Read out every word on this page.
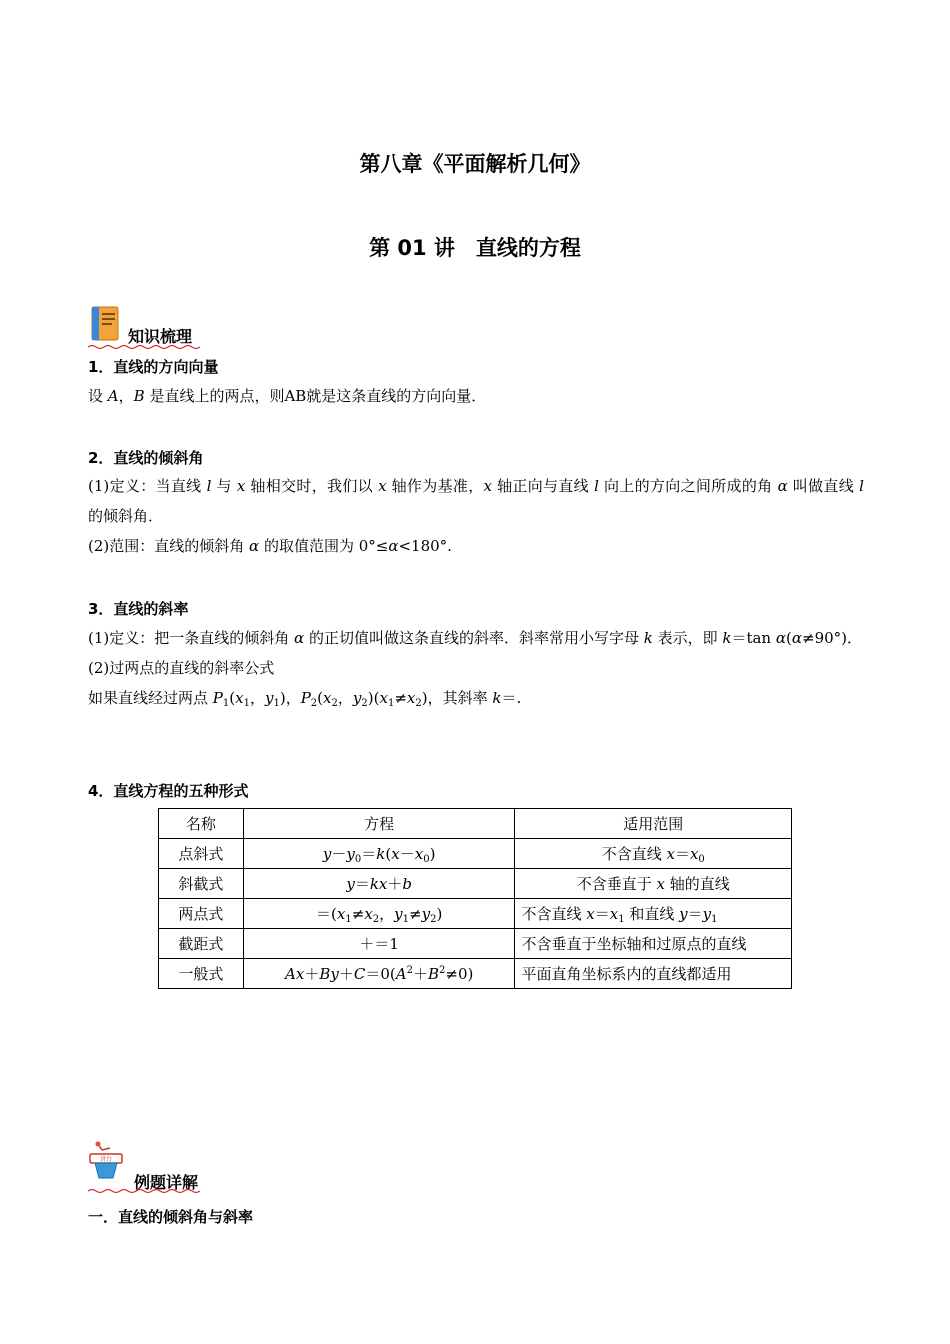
第八章《平面解析几何》
第 01 讲　直线的方程
知识梳理
1．直线的方向向量

设 A，B 是直线上的两点，则AB就是这条直线的方向向量．

2．直线的倾斜角

(1)定义：当直线 l 与 x 轴相交时，我们以 x 轴作为基准，x 轴正向与直线 l 向上的方向之间所成的角 α 叫做直线 l 的倾斜角．

(2)范围：直线的倾斜角 α 的取值范围为 0°≤α<180°.

3．直线的斜率

(1)定义：把一条直线的倾斜角 α 的正切值叫做这条直线的斜率．斜率常用小写字母 k 表示，即 k＝tan α(α≠90°)．

(2)过两点的直线的斜率公式

如果直线经过两点 $P_1(x_1$，$y_1$)，$P_2(x_2$，$y_2)(x_1\ne x_2)$，其斜率 k＝.

4．直线方程的五种形式
名称	方程	适用范围
点斜式	$y-y_0=k(x-x_0)$	不含直线 $x=x_0$
斜截式	y＝kx＋b	不含垂直于 x 轴的直线
两点式	$=(x_1\ne x_2$，$y_1\ne y_2$)	不含直线 $x=x_1$ 和直线 $y=y_1$
截距式	＋＝1	不含垂直于坐标轴和过原点的直线
一般式	$Ax+By+C=0(A^2+B^2\ne 0)$	平面直角坐标系内的直线都适用
讲台
例题详解
一．直线的倾斜角与斜率
